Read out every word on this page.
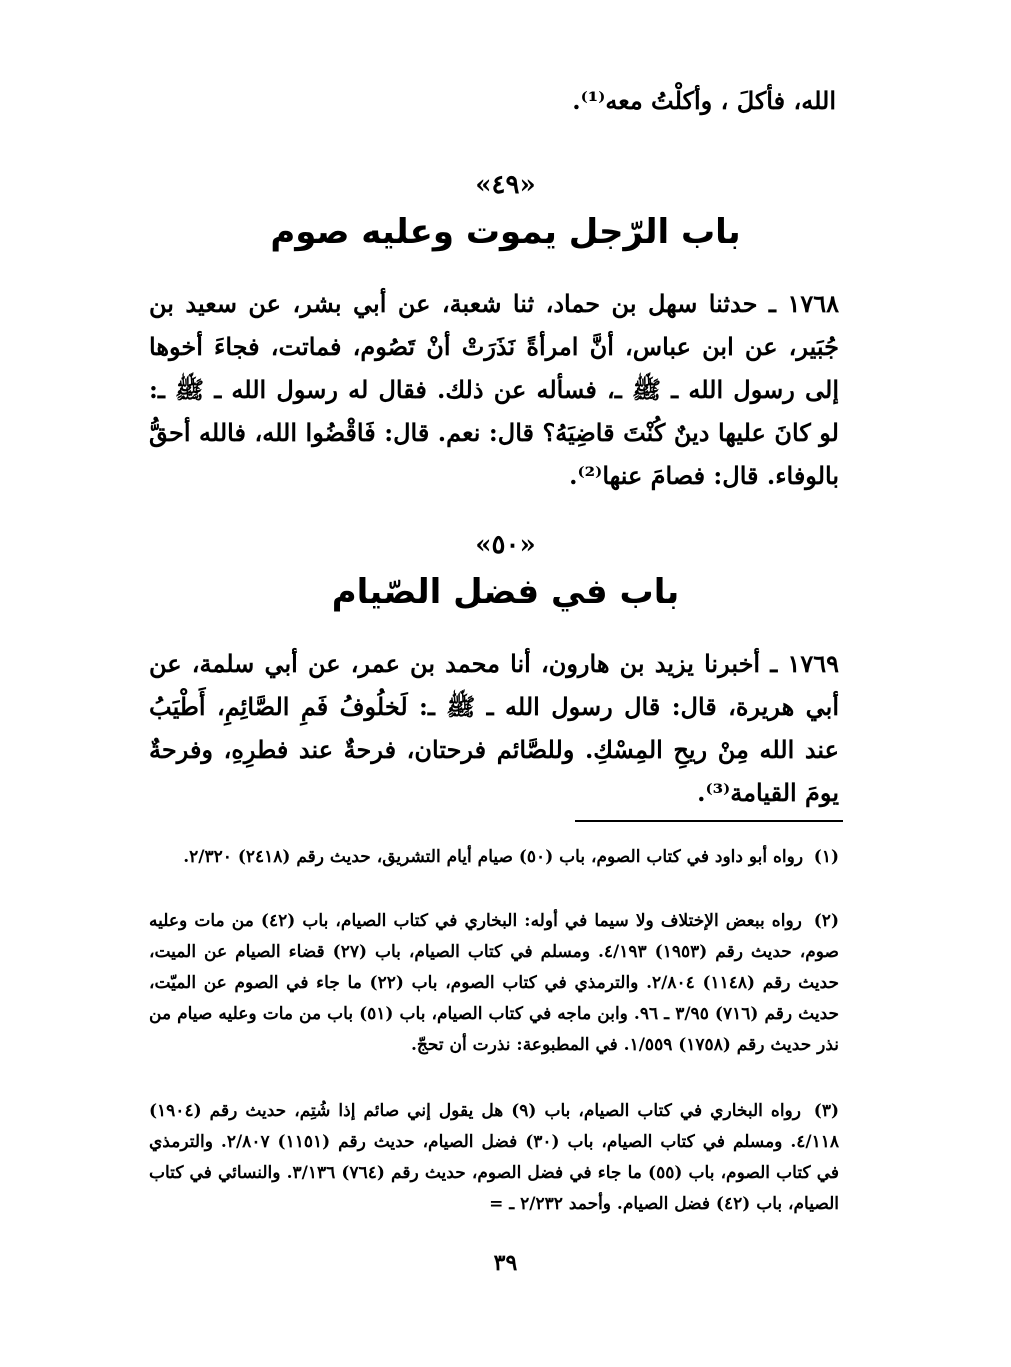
الله، فأكلَ ، وأكلْتُ معه⁽¹⁾.
«٤٩»
باب الرّجل يموت وعليه صوم
١٧٦٨ ـ حدثنا سهل بن حماد، ثنا شعبة، عن أبي بشر، عن سعيد بن جُبَير، عن ابن عباس، أنَّ امرأةً نَذَرَتْ أنْ تَصُوم، فماتت، فجاءَ أخوها إلى رسول الله ـ ﷺ ـ، فسأله عن ذلك. فقال له رسول الله ـ ﷺ ـ: لو كانَ عليها دينٌ كُنْتَ قاضِيَهُ؟ قال: نعم. قال: فَاقْضُوا الله، فالله أحقُّ بالوفاء. قال: فصامَ عنها⁽²⁾.
«٥٠»
باب في فضل الصّيام
١٧٦٩ ـ أخبرنا يزيد بن هارون، أنا محمد بن عمر، عن أبي سلمة، عن أبي هريرة، قال: قال رسول الله ـ ﷺ ـ: لَخلُوفُ فَمِ الصَّائِمِ، أَطْيَبُ عند الله مِنْ ريحِ المِسْكِ. وللصَّائم فرحتان، فرحةٌ عند فطرِهِ، وفرحةٌ يومَ القيامة⁽³⁾.
(١) رواه أبو داود في كتاب الصوم، باب (٥٠) صيام أيام التشريق، حديث رقم (٢٤١٨) ٢/٣٢٠.
(٢) رواه ببعض الإختلاف ولا سيما في أوله: البخاري في كتاب الصيام، باب (٤٢) من مات وعليه صوم، حديث رقم (١٩٥٣) ٤/١٩٣. ومسلم في كتاب الصيام، باب (٢٧) قضاء الصيام عن الميت، حديث رقم (١١٤٨) ٢/٨٠٤. والترمذي في كتاب الصوم، باب (٢٢) ما جاء في الصوم عن الميّت، حديث رقم (٧١٦) ٣/٩٥ ـ ٩٦. وابن ماجه في كتاب الصيام، باب (٥١) باب من مات وعليه صيام من نذر حديث رقم (١٧٥٨) ١/٥٥٩. في المطبوعة: نذرت أن تحجّ.
(٣) رواه البخاري في كتاب الصيام، باب (٩) هل يقول إني صائم إذا شُتِم، حديث رقم (١٩٠٤) ٤/١١٨. ومسلم في كتاب الصيام، باب (٣٠) فضل الصيام، حديث رقم (١١٥١) ٢/٨٠٧. والترمذي في كتاب الصوم، باب (٥٥) ما جاء في فضل الصوم، حديث رقم (٧٦٤) ٣/١٣٦. والنسائي في كتاب الصيام، باب (٤٢) فضل الصيام. وأحمد ٢/٢٣٢ ـ =
٣٩
